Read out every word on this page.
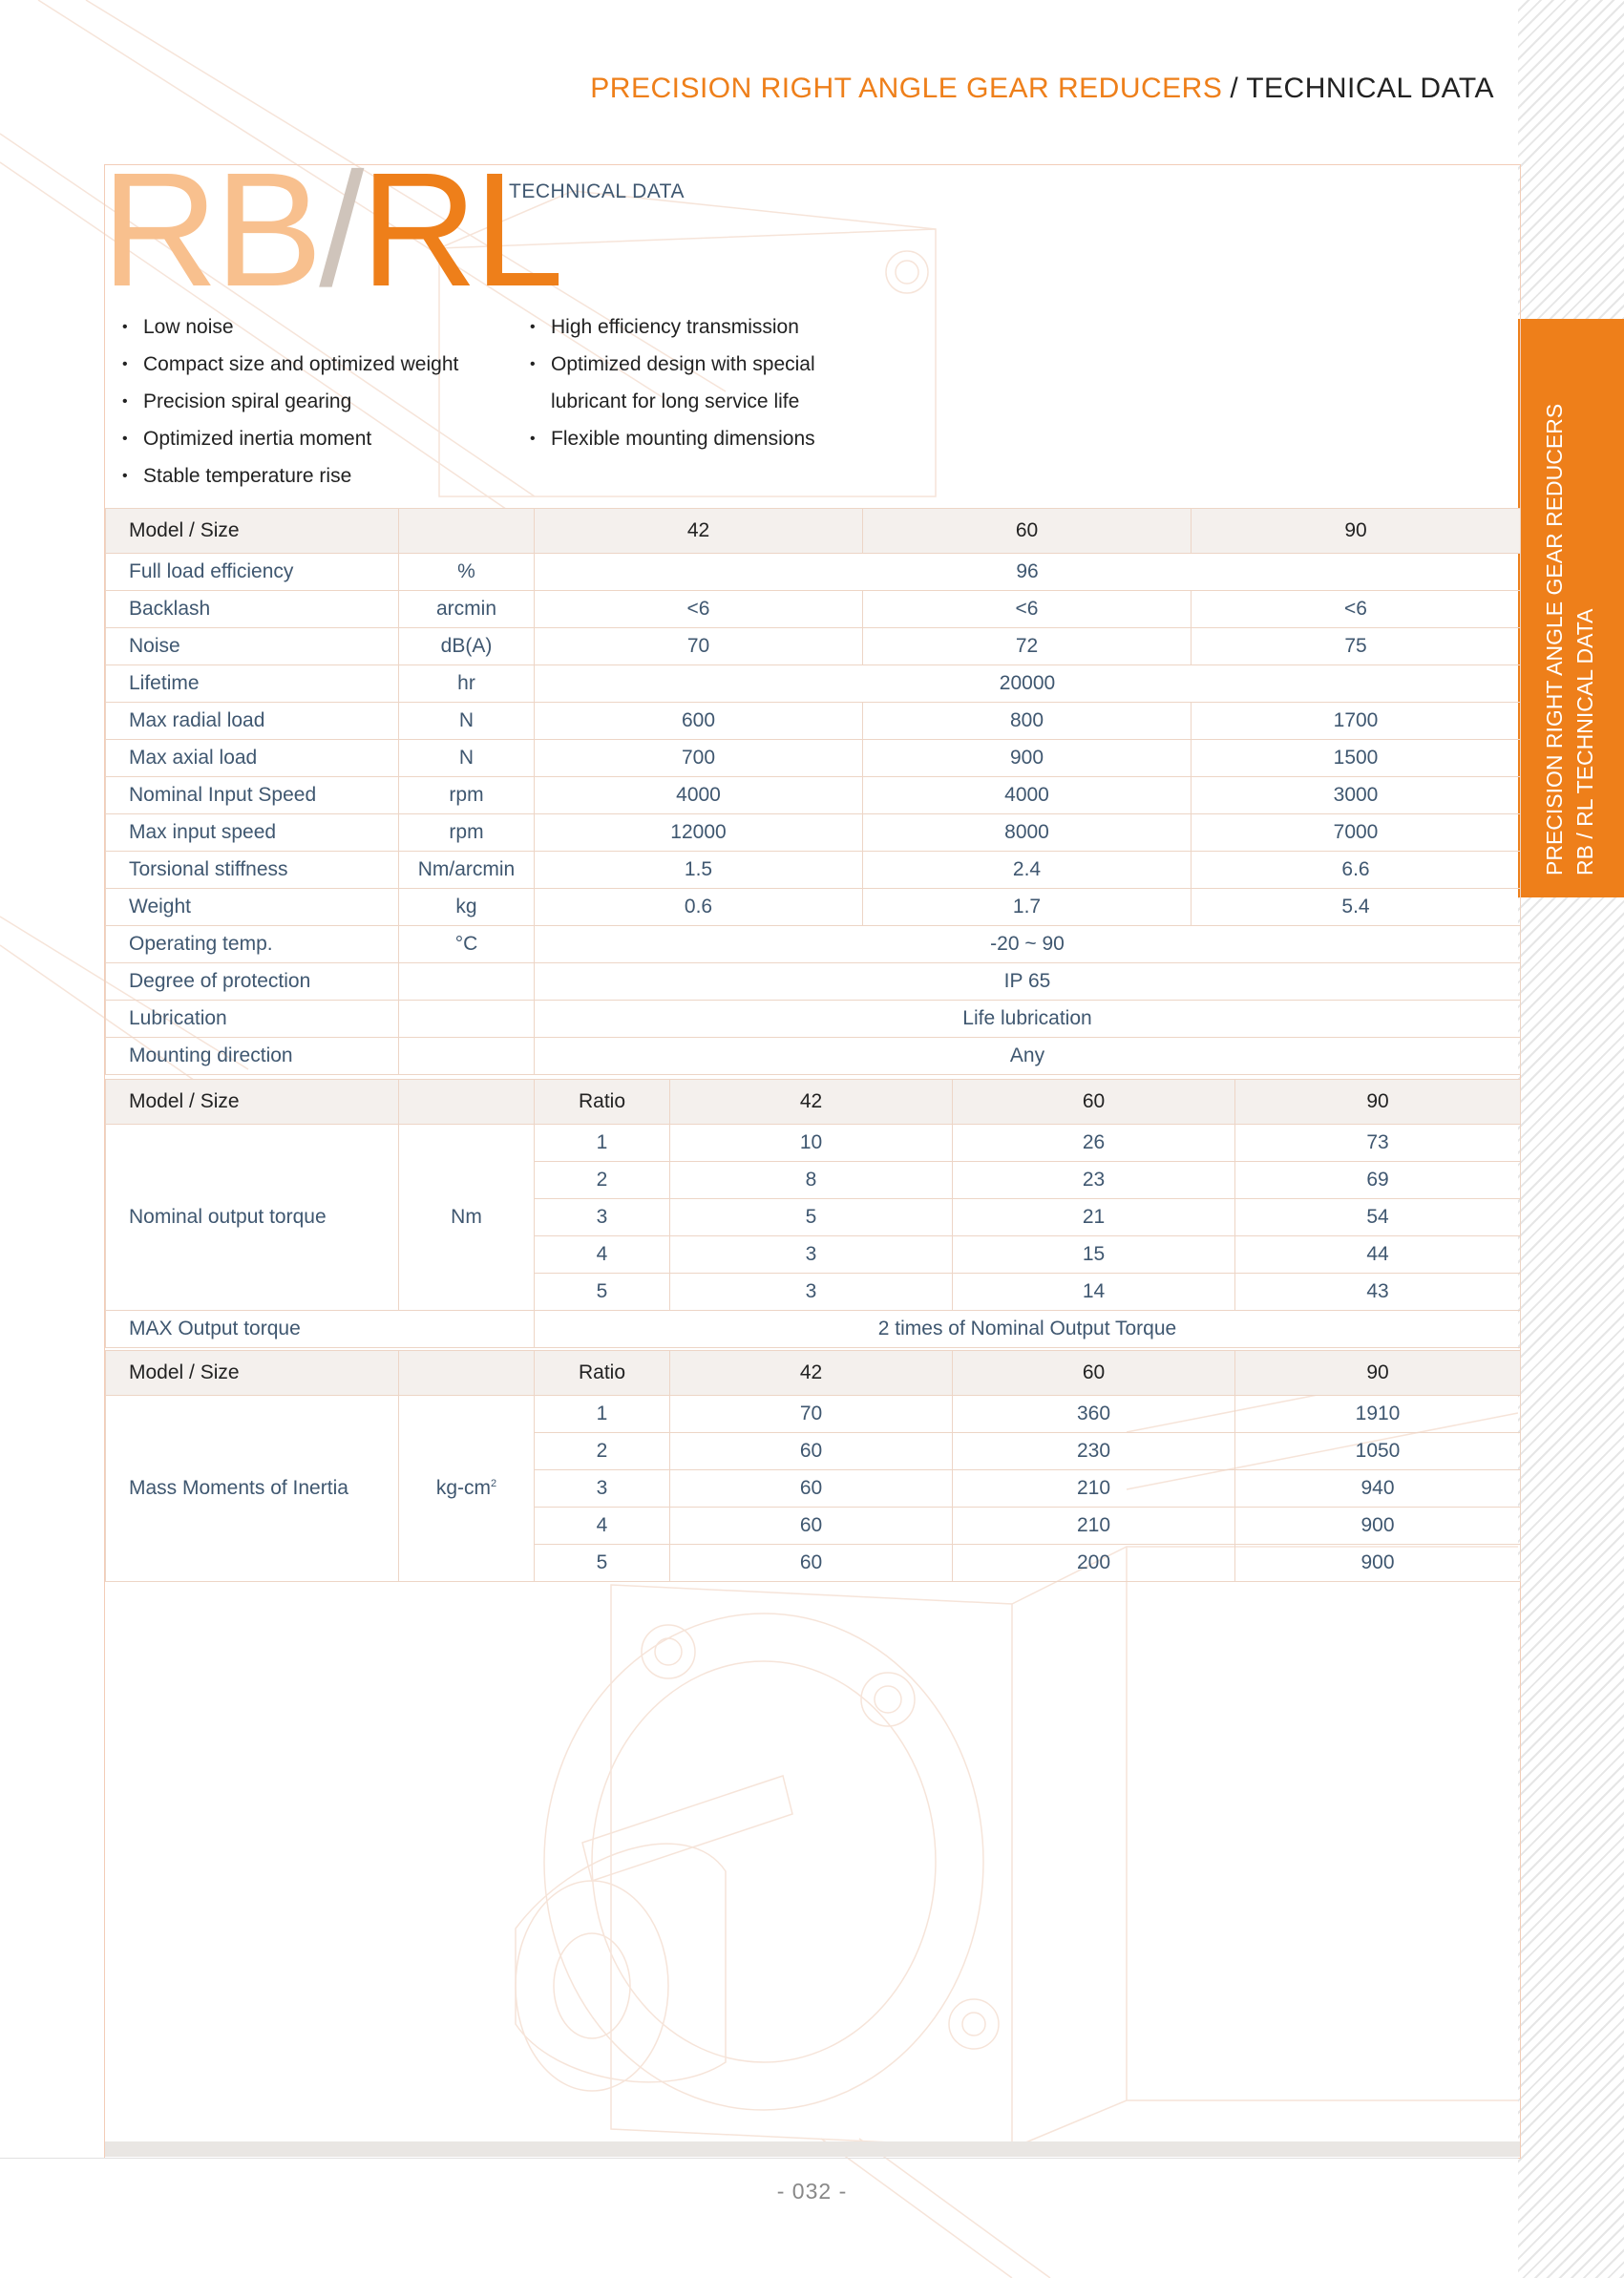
PRECISION RIGHT ANGLE GEAR REDUCERS RB / RL TECHNICAL DATA
PRECISION RIGHT ANGLE GEAR REDUCERS / TECHNICAL DATA
RB/RL
TECHNICAL DATA
• Low noise
• Compact size and optimized weight
• Precision spiral gearing
• Optimized inertia moment
• Stable temperature rise
• High efficiency transmission
• Optimized design with special
lubricant for long service life
• Flexible mounting dimensions
Model / Size		42	60	90
Full load efficiency	%	96		
Backlash	arcmin	<6	<6	<6
Noise	dB(A)	70	72	75
Lifetime	hr	20000		
Max radial load	N	600	800	1700
Max axial load	N	700	900	1500
Nominal Input Speed	rpm	4000	4000	3000
Max input speed	rpm	12000	8000	7000
Torsional stiffness	Nm/arcmin	1.5	2.4	6.6
Weight	kg	0.6	1.7	5.4
Operating temp.	°C	-20 ~ 90		
Degree of protection		IP 65		
Lubrication		Life lubrication		
Mounting direction		Any		
Model / Size		Ratio	42	60	90
Nominal output torque	Nm	1	10	26	73
		2	8	23	69
		3	5	21	54
		4	3	15	44
		5	3	14	43
MAX Output torque		2 times of Nominal Output Torque			
Model / Size		Ratio	42	60	90
Mass Moments of Inertia	$kg-cm^2$	1	70	360	1910
		2	60	230	1050
		3	60	210	940
		4	60	210	900
		5	60	200	900
- 032 -
